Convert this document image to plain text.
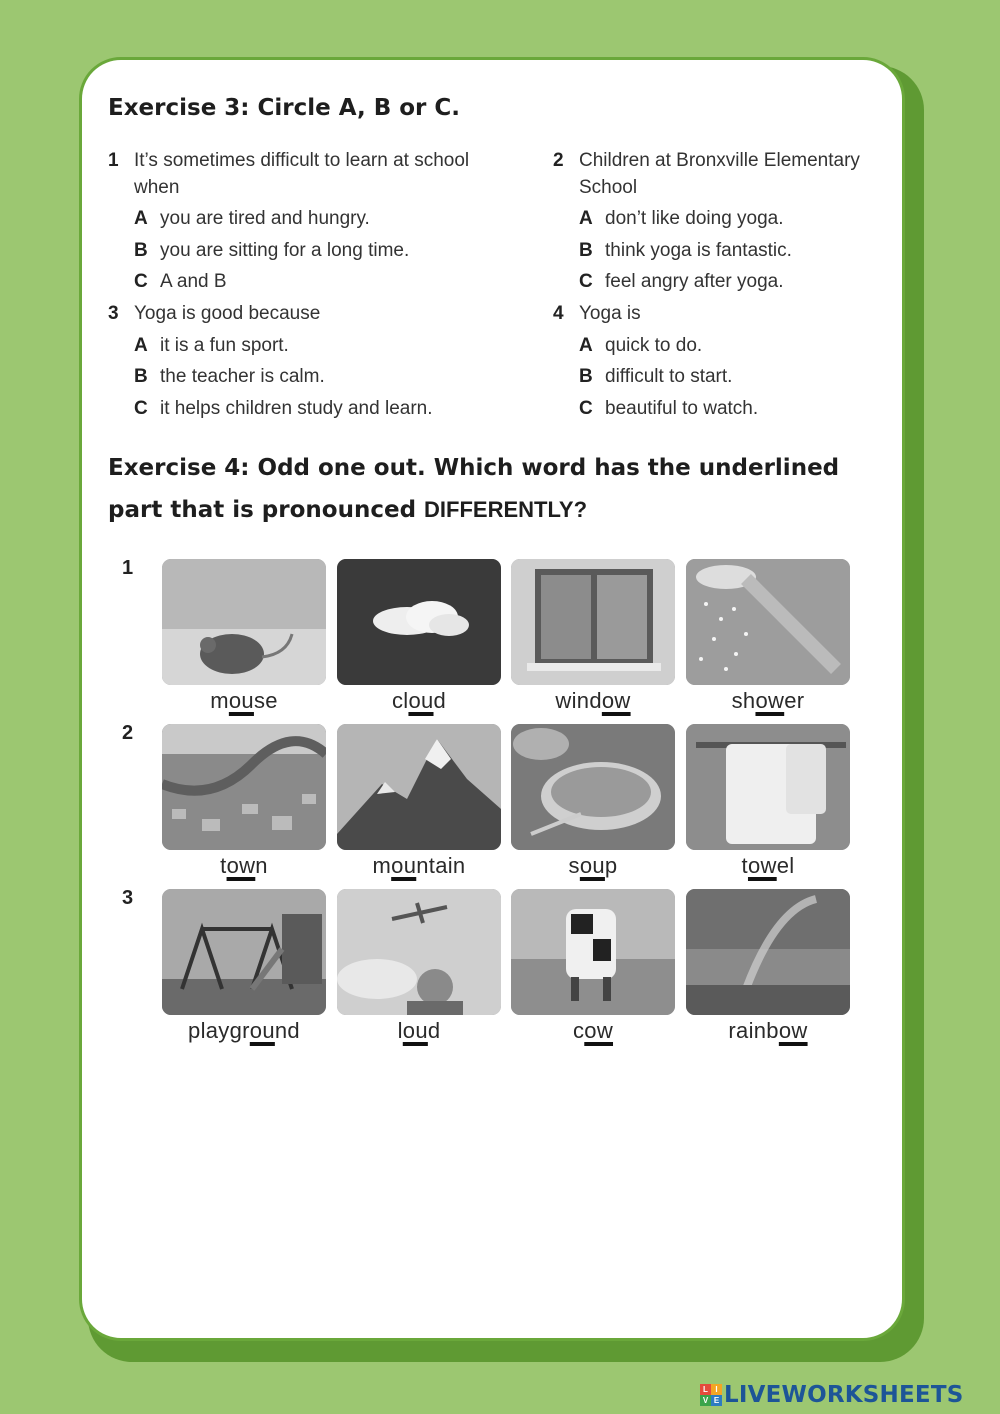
Exercise 3: Circle A, B or C.
1 It’s sometimes difficult to learn at school when
A you are tired and hungry.
B you are sitting for a long time.
C A and B
2 Children at Bronxville Elementary School
A don’t like doing yoga.
B think yoga is fantastic.
C feel angry after yoga.
3 Yoga is good because
A it is a fun sport.
B the teacher is calm.
C it helps children study and learn.
4 Yoga is
A quick to do.
B difficult to start.
C beautiful to watch.
Exercise 4: Odd one out. Which word has the underlined
part that is pronounced DIFFERENTLY?
1
2
3
mouse	cloud	window	shower
town	mountain	soup	towel
playground	loud	cow	rainbow
L I
V E LIVEWORKSHEETS
